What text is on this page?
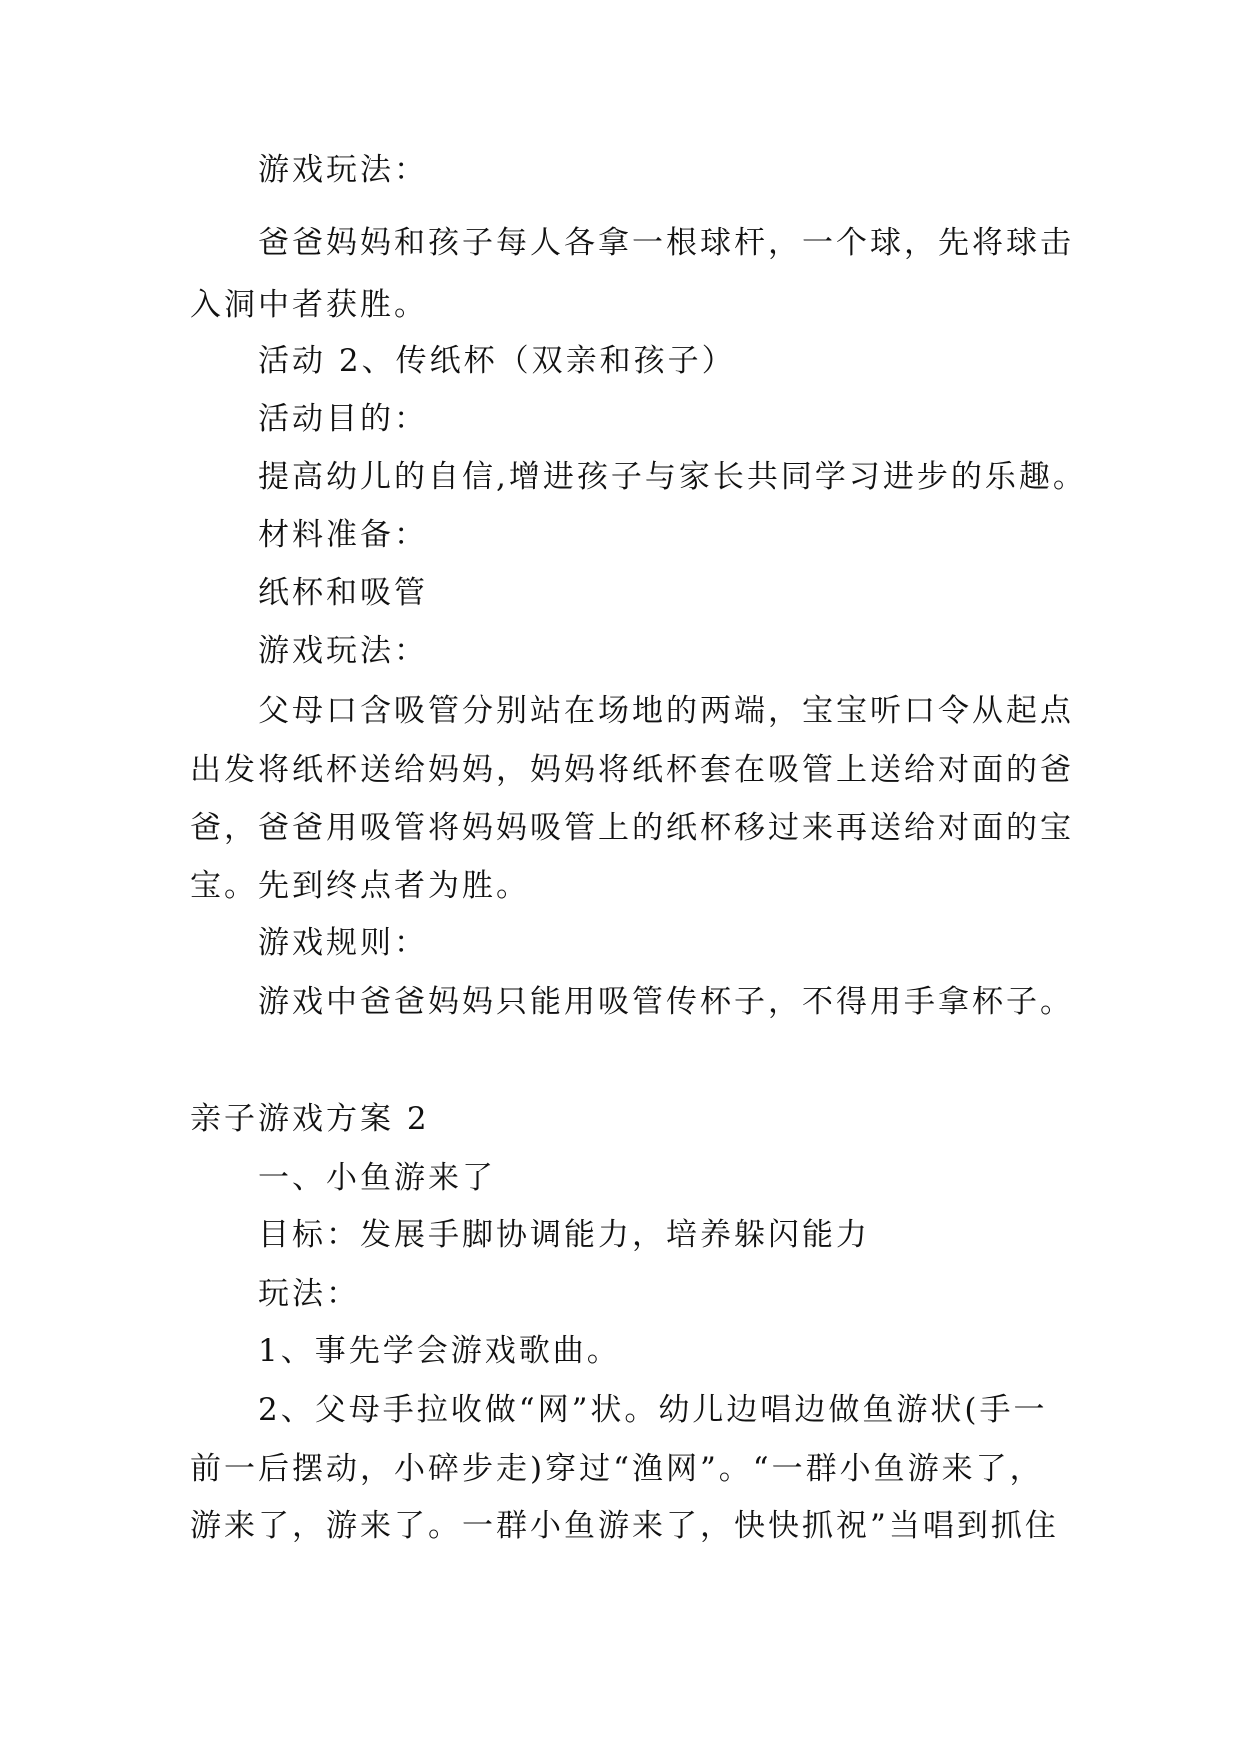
游戏玩法：
爸爸妈妈和孩子每人各拿一根球杆，一个球，先将球击
入洞中者获胜。
活动 2、传纸杯（双亲和孩子）
活动目的：
提高幼儿的自信,增进孩子与家长共同学习进步的乐趣。
材料准备：
纸杯和吸管
游戏玩法：
父母口含吸管分别站在场地的两端，宝宝听口令从起点
出发将纸杯送给妈妈，妈妈将纸杯套在吸管上送给对面的爸
爸，爸爸用吸管将妈妈吸管上的纸杯移过来再送给对面的宝
宝。先到终点者为胜。
游戏规则：
游戏中爸爸妈妈只能用吸管传杯子，不得用手拿杯子。
亲子游戏方案 2
一、小鱼游来了
目标：发展手脚协调能力，培养躲闪能力
玩法：
1、事先学会游戏歌曲。
2、父母手拉收做“网”状。幼儿边唱边做鱼游状(手一
前一后摆动，小碎步走)穿过“渔网”。“一群小鱼游来了，
游来了，游来了。一群小鱼游来了，快快抓祝”当唱到抓住
